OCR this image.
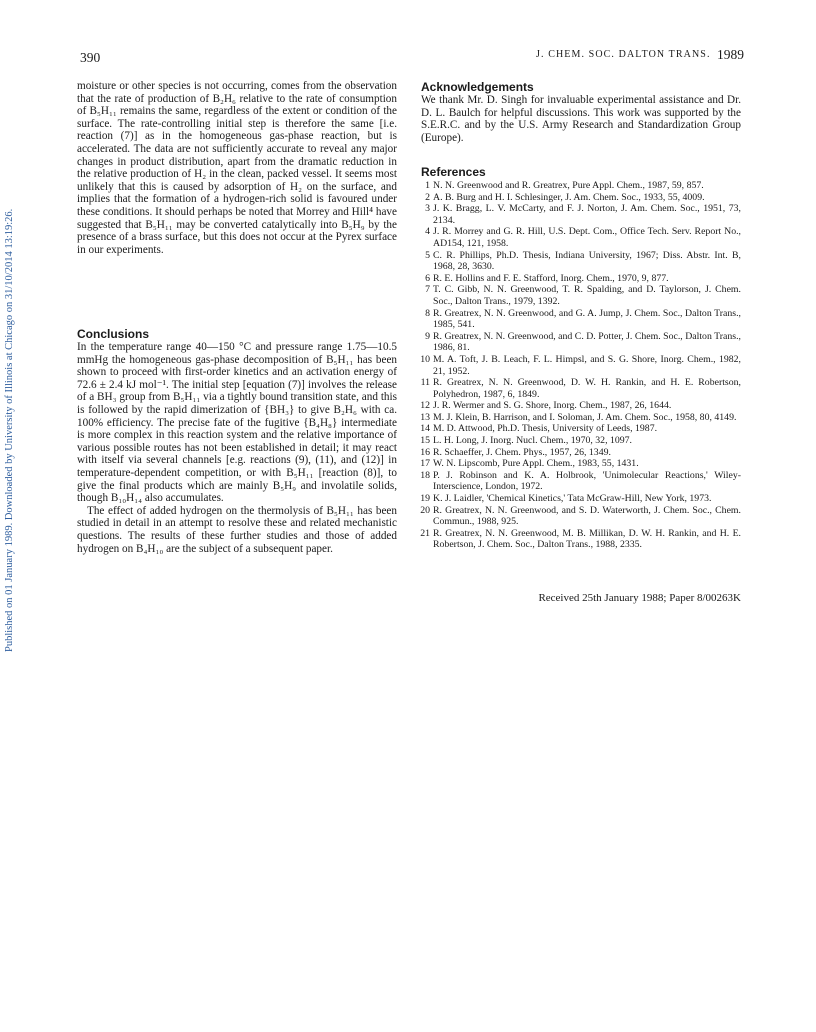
390	J. CHEM. SOC. DALTON TRANS. 1989
Published on 01 January 1989. Downloaded by University of Illinois at Chicago on 31/10/2014 13:19:26.

moisture or other species is not occurring, comes from the observation that the rate of production of B₂H₆ relative to the rate of consumption of B₅H₁₁ remains the same, regardless of the extent or condition of the surface. The rate-controlling initial step is therefore the same [i.e. reaction (7)] as in the homogeneous gas-phase reaction, but is accelerated. The data are not sufficiently accurate to reveal any major changes in product distribution, apart from the dramatic reduction in the relative production of H₂ in the clean, packed vessel. It seems most unlikely that this is caused by adsorption of H₂ on the surface, and implies that the formation of a hydrogen-rich solid is favoured under these conditions. It should perhaps be noted that Morrey and Hill⁴ have suggested that B₅H₁₁ may be converted catalytically into B₅H₉ by the presence of a brass surface, but this does not occur at the Pyrex surface in our experiments.

Conclusions

In the temperature range 40—150 °C and pressure range 1.75—10.5 mmHg the homogeneous gas-phase decomposition of B₅H₁₁ has been shown to proceed with first-order kinetics and an activation energy of 72.6 ± 2.4 kJ mol⁻¹. The initial step [equation (7)] involves the release of a BH₃ group from B₅H₁₁ via a tightly bound transition state, and this is followed by the rapid dimerization of {BH₃} to give B₂H₆ with ca. 100% efficiency. The precise fate of the fugitive {B₄H₈} intermediate is more complex in this reaction system and the relative importance of various possible routes has not been established in detail; it may react with itself via several channels [e.g. reactions (9), (11), and (12)] in temperature-dependent competition, or with B₅H₁₁ [reaction (8)], to give the final products which are mainly B₅H₉ and involatile solids, though B₁₀H₁₄ also accumulates.

The effect of added hydrogen on the thermolysis of B₅H₁₁ has been studied in detail in an attempt to resolve these and related mechanistic questions. The results of these further studies and those of added hydrogen on B₄H₁₀ are the subject of a subsequent paper.

Acknowledgements

We thank Mr. D. Singh for invaluable experimental assistance and Dr. D. L. Baulch for helpful discussions. This work was supported by the S.E.R.C. and by the U.S. Army Research and Standardization Group (Europe).

References
1 N. N. Greenwood and R. Greatrex, Pure Appl. Chem., 1987, 59, 857.
2 A. B. Burg and H. I. Schlesinger, J. Am. Chem. Soc., 1933, 55, 4009.
3 J. K. Bragg, L. V. McCarty, and F. J. Norton, J. Am. Chem. Soc., 1951, 73, 2134.
4 J. R. Morrey and G. R. Hill, U.S. Dept. Com., Office Tech. Serv. Report No., AD154, 121, 1958.
5 C. R. Phillips, Ph.D. Thesis, Indiana University, 1967; Diss. Abstr. Int. B, 1968, 28, 3630.
6 R. E. Hollins and F. E. Stafford, Inorg. Chem., 1970, 9, 877.
7 T. C. Gibb, N. N. Greenwood, T. R. Spalding, and D. Taylorson, J. Chem. Soc., Dalton Trans., 1979, 1392.
8 R. Greatrex, N. N. Greenwood, and G. A. Jump, J. Chem. Soc., Dalton Trans., 1985, 541.
9 R. Greatrex, N. N. Greenwood, and C. D. Potter, J. Chem. Soc., Dalton Trans., 1986, 81.
10 M. A. Toft, J. B. Leach, F. L. Himpsl, and S. G. Shore, Inorg. Chem., 1982, 21, 1952.
11 R. Greatrex, N. N. Greenwood, D. W. H. Rankin, and H. E. Robertson, Polyhedron, 1987, 6, 1849.
12 J. R. Wermer and S. G. Shore, Inorg. Chem., 1987, 26, 1644.
13 M. J. Klein, B. Harrison, and I. Soloman, J. Am. Chem. Soc., 1958, 80, 4149.
14 M. D. Attwood, Ph.D. Thesis, University of Leeds, 1987.
15 L. H. Long, J. Inorg. Nucl. Chem., 1970, 32, 1097.
16 R. Schaeffer, J. Chem. Phys., 1957, 26, 1349.
17 W. N. Lipscomb, Pure Appl. Chem., 1983, 55, 1431.
18 P. J. Robinson and K. A. Holbrook, 'Unimolecular Reactions,' Wiley-Interscience, London, 1972.
19 K. J. Laidler, 'Chemical Kinetics,' Tata McGraw-Hill, New York, 1973.
20 R. Greatrex, N. N. Greenwood, and S. D. Waterworth, J. Chem. Soc., Chem. Commun., 1988, 925.
21 R. Greatrex, N. N. Greenwood, M. B. Millikan, D. W. H. Rankin, and H. E. Robertson, J. Chem. Soc., Dalton Trans., 1988, 2335.
Received 25th January 1988; Paper 8/00263K
